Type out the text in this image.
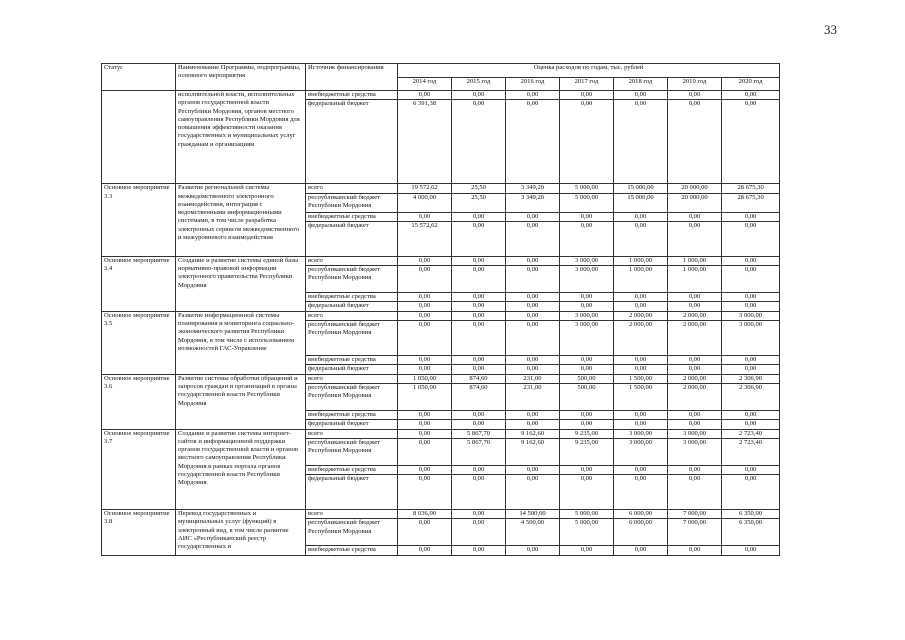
33
Статус	Наименование Программы, подпрограммы, основного мероприятия	Источник финансирования	Оценка расходов по годам, тыс. рублей						
			2014 год	2015 год	2016 год	2017 год	2018 год	2019 год	2020 год
	исполнительной власти, исполнительных органов государственной власти Республики Мордовия, органов местного самоуправления Республики Мордовия для повышения эффективности оказания государственных и муниципальных услуг гражданам и организациям	внебюджетные средства	0,00	0,00	0,00	0,00	0,00	0,00	0,00
		федеральный бюджет	6 391,38	0,00	0,00	0,00	0,00	0,00	0,00
Основное мероприятие 3.3	Развитие региональной системы межведомственного электронного взаимодействия, интеграция с ведомственными информационными системами, в том числе разработка электронных сервисов межведомственного и межуровневого взаимодействия	всего	19 572,62	25,50	3 349,20	5 000,00	15 000,00	20 000,00	28 675,30
		республиканский бюджет Республики Мордовия	4 000,00	25,50	3 349,20	5 000,00	15 000,00	20 000,00	28 675,30
		внебюджетные средства	0,00	0,00	0,00	0,00	0,00	0,00	0,00
		федеральный бюджет	15 572,62	0,00	0,00	0,00	0,00	0,00	0,00
Основное мероприятие 3.4	Создание и развитие системы единой базы нормативно-правовой информации электронного правительства Республики Мордовия	всего	0,00	0,00	0,00	3 000,00	1 000,00	1 000,00	0,00
		республиканский бюджет Республики Мордовия	0,00	0,00	0,00	3 000,00	1 000,00	1 000,00	0,00
		внебюджетные средства	0,00	0,00	0,00	0,00	0,00	0,00	0,00
		федеральный бюджет	0,00	0,00	0,00	0,00	0,00	0,00	0,00
Основное мероприятие 3.5	Развитие информационной системы планирования и мониторинга социально-экономического развития Республики Мордовия, в том числе с использованием возможностей ГАС-Управление	всего	0,00	0,00	0,00	3 000,00	2 000,00	2 000,00	3 000,00
		республиканский бюджет Республики Мордовия	0,00	0,00	0,00	3 000,00	2 000,00	2 000,00	3 000,00
		внебюджетные средства	0,00	0,00	0,00	0,00	0,00	0,00	0,00
		федеральный бюджет	0,00	0,00	0,00	0,00	0,00	0,00	0,00
Основное мероприятие 3.6	Развитие системы обработки обращений и запросов граждан и организаций в органы государственной власти Республики Мордовия	всего	1 050,00	874,60	231,00	500,00	1 500,00	2 000,00	2 306,90
		республиканский бюджет Республики Мордовия	1 050,00	874,60	231,00	500,00	1 500,00	2 000,00	2 306,90
		внебюджетные средства	0,00	0,00	0,00	0,00	0,00	0,00	0,00
		федеральный бюджет	0,00	0,00	0,00	0,00	0,00	0,00	0,00
Основное мероприятие 3.7	Создание и развитие системы интернет-сайтов и информационной поддержки органов государственной власти и органов местного самоуправления Республики Мордовия в рамках портала органов государственной власти Республики Мордовия	всего	0,00	5 867,70	9 162,60	9 235,00	3 000,00	3 000,00	2 723,40
		республиканский бюджет Республики Мордовия	0,00	5 867,70	9 162,60	9 235,00	3 000,00	3 000,00	2 723,40
		внебюджетные средства	0,00	0,00	0,00	0,00	0,00	0,00	0,00
		федеральный бюджет	0,00	0,00	0,00	0,00	0,00	0,00	0,00
Основное мероприятие 3.8	Перевод государственных и муниципальных услуг (функций) в электронный вид, в том числе развитие АИС «Республиканский реестр государственных и	всего	8 036,00	0,00	14 500,00	5 000,00	6 000,00	7 000,00	6 350,00
		республиканский бюджет Республики Мордовия	0,00	0,00	4 500,00	5 000,00	6 000,00	7 000,00	6 350,00
		внебюджетные средства	0,00	0,00	0,00	0,00	0,00	0,00	0,00
